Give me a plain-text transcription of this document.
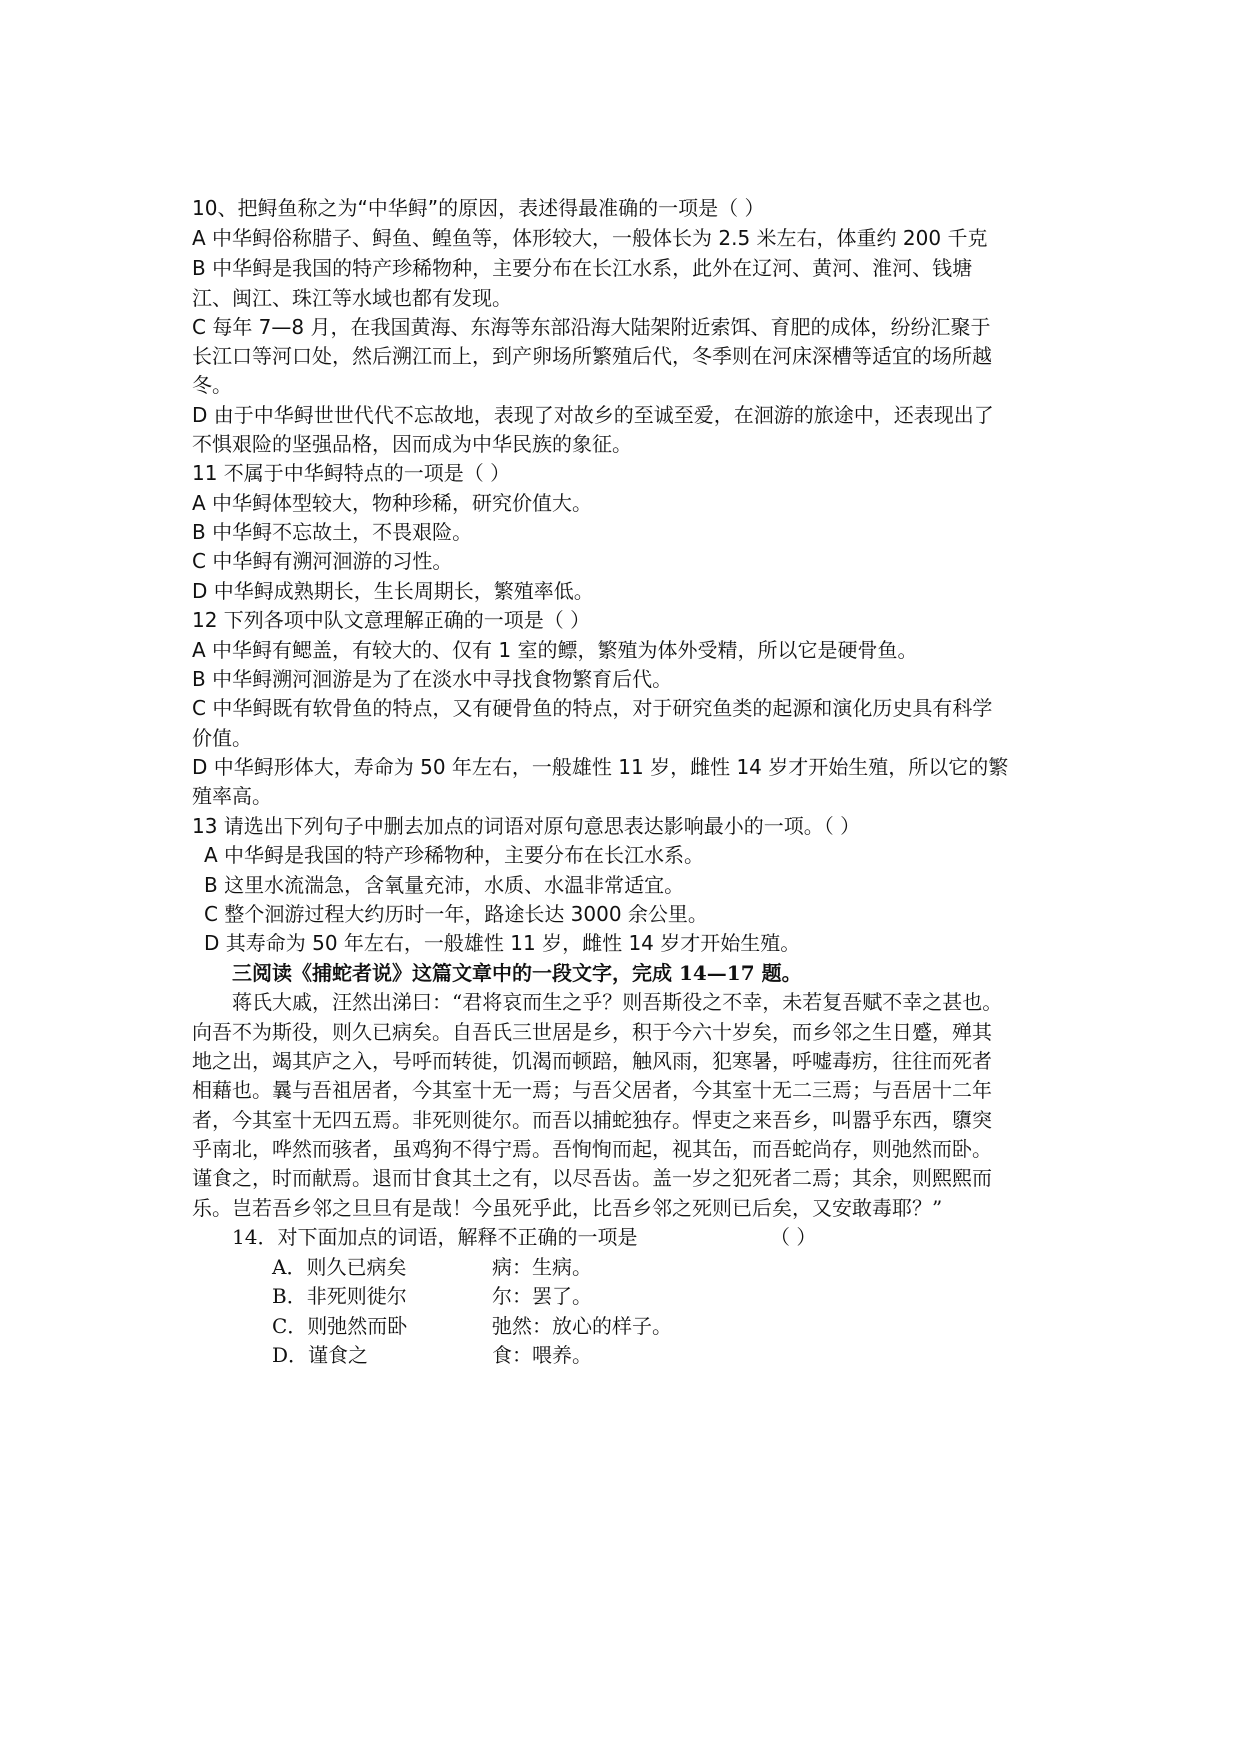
10、把鲟鱼称之为“中华鲟”的原因，表述得最准确的一项是（ ）
A 中华鲟俗称腊子、鲟鱼、鳇鱼等，体形较大，一般体长为 2.5 米左右，体重约 200 千克
B 中华鲟是我国的特产珍稀物种，主要分布在长江水系，此外在辽河、黄河、淮河、钱塘
江、闽江、珠江等水域也都有发现。
C 每年 7—8 月，在我国黄海、东海等东部沿海大陆架附近索饵、育肥的成体，纷纷汇聚于
长江口等河口处，然后溯江而上，到产卵场所繁殖后代，冬季则在河床深槽等适宜的场所越
冬。
D 由于中华鲟世世代代不忘故地，表现了对故乡的至诚至爱，在洄游的旅途中，还表现出了
不惧艰险的坚强品格，因而成为中华民族的象征。
11 不属于中华鲟特点的一项是（ ）
A 中华鲟体型较大，物种珍稀，研究价值大。
B 中华鲟不忘故土，不畏艰险。
C 中华鲟有溯河洄游的习性。
D 中华鲟成熟期长，生长周期长，繁殖率低。
12 下列各项中队文意理解正确的一项是（ ）
A 中华鲟有鳃盖，有较大的、仅有 1 室的鳔，繁殖为体外受精，所以它是硬骨鱼。
B 中华鲟溯河洄游是为了在淡水中寻找食物繁育后代。
C 中华鲟既有软骨鱼的特点，又有硬骨鱼的特点，对于研究鱼类的起源和演化历史具有科学
价值。
D 中华鲟形体大，寿命为 50 年左右，一般雄性 11 岁，雌性 14 岁才开始生殖，所以它的繁
殖率高。
13 请选出下列句子中删去加点的词语对原句意思表达影响最小的一项。（ ）
A 中华鲟是我国的特产珍稀物种，主要分布在长江水系。
B 这里水流湍急，含氧量充沛，水质、水温非常适宜。
C 整个洄游过程大约历时一年，路途长达 3000 余公里。
D 其寿命为 50 年左右，一般雄性 11 岁，雌性 14 岁才开始生殖。
三阅读《捕蛇者说》这篇文章中的一段文字，完成 14—17 题。
蒋氏大戚，汪然出涕曰：“君将哀而生之乎？则吾斯役之不幸，未若复吾赋不幸之甚也。
向吾不为斯役，则久已病矣。自吾氏三世居是乡，积于今六十岁矣，而乡邻之生日蹙，殚其
地之出，竭其庐之入，号呼而转徙，饥渴而顿踣，触风雨，犯寒暑，呼嘘毒疠，往往而死者
相藉也。曩与吾祖居者，今其室十无一焉；与吾父居者，今其室十无二三焉；与吾居十二年
者，今其室十无四五焉。非死则徙尔。而吾以捕蛇独存。悍吏之来吾乡，叫嚣乎东西，隳突
乎南北，哗然而骇者，虽鸡狗不得宁焉。吾恂恂而起，视其缶，而吾蛇尚存，则弛然而卧。
谨食之，时而献焉。退而甘食其土之有，以尽吾齿。盖一岁之犯死者二焉；其余，则熙熙而
乐。岂若吾乡邻之旦旦有是哉！今虽死乎此，比吾乡邻之死则已后矣，又安敢毒耶？”
14．对下面加点的词语，解释不正确的一项是	（ ）
A．则久已病矣	病：生病。
B．非死则徙尔	尔：罢了。
C．则弛然而卧	弛然：放心的样子。
D．谨食之	食：喂养。
